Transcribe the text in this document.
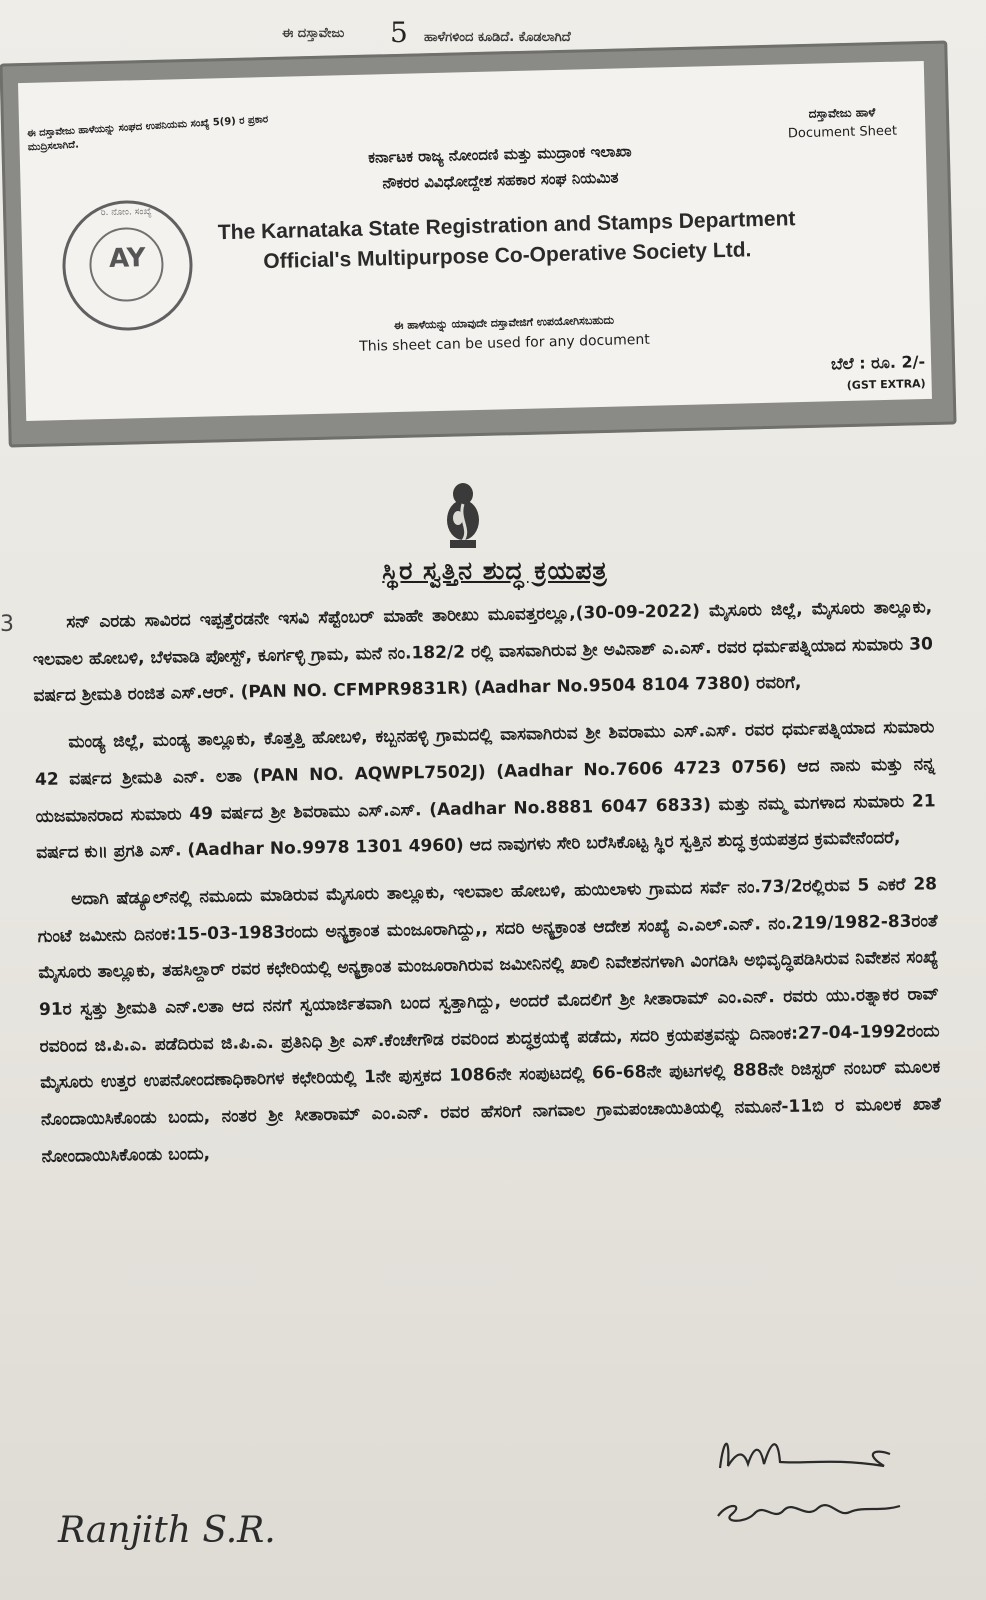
ಈ ದಸ್ತಾವೇಜು 5 ಹಾಳೆಗಳಿಂದ ಕೂಡಿದೆ. ಕೊಡಲಾಗಿದೆ
ಈ ದಸ್ತಾವೇಜು ಹಾಳೆಯನ್ನು ಸಂಘದ ಉಪನಿಯಮ ಸಂಖ್ಯೆ 5(9) ರ ಪ್ರಕಾರ ಮುದ್ರಿಸಲಾಗಿದೆ.
ದಸ್ತಾವೇಜು ಹಾಳೆ
Document Sheet
ಕರ್ನಾಟಕ ರಾಜ್ಯ ನೋಂದಣಿ ಮತ್ತು ಮುದ್ರಾಂಕ ಇಲಾಖಾ
ನೌಕರರ ವಿವಿಧೋದ್ದೇಶ ಸಹಕಾರ ಸಂಘ ನಿಯಮಿತ
The Karnataka State Registration and Stamps Department
Official's Multipurpose Co-Operative Society Ltd.
ರಿ. ನೋಂ. ಸಂಖ್ಯೆ
AY
ಈ ಹಾಳೆಯನ್ನು ಯಾವುದೇ ದಸ್ತಾವೇಜಿಗೆ ಉಪಯೋಗಿಸಬಹುದು
This sheet can be used for any document
ಬೆಲೆ : ರೂ. 2/-
(GST EXTRA)
ಸ್ಥಿರ ಸ್ವತ್ತಿನ ಶುದ್ಧ ಕ್ರಯಪತ್ರ
3	ಸನ್ ಎರಡು ಸಾವಿರದ ಇಪ್ಪತ್ತೆರಡನೇ ಇಸವಿ ಸೆಪ್ಟೆಂಬರ್ ಮಾಹೇ ತಾರೀಖು ಮೂವತ್ತರಲ್ಲೂ,(30-09-2022) ಮೈಸೂರು ಜಿಲ್ಲೆ, ಮೈಸೂರು ತಾಲ್ಲೂಕು, ಇಲವಾಲ ಹೋಬಳಿ, ಬೆಳವಾಡಿ ಪೋಸ್ಟ್, ಕೂರ್ಗಳ್ಳಿ ಗ್ರಾಮ, ಮನೆ ನಂ.182/2 ರಲ್ಲಿ ವಾಸವಾಗಿರುವ ಶ್ರೀ ಅವಿನಾಶ್ ಎ.ಎಸ್. ರವರ ಧರ್ಮಪತ್ನಿಯಾದ ಸುಮಾರು 30 ವರ್ಷದ ಶ್ರೀಮತಿ ರಂಜಿತ ಎಸ್.ಆರ್. (PAN NO. CFMPR9831R) (Aadhar No.9504 8104 7380) ರವರಿಗೆ,

ಮಂಡ್ಯ ಜಿಲ್ಲೆ, ಮಂಡ್ಯ ತಾಲ್ಲೂಕು, ಕೊತ್ತತ್ತಿ ಹೋಬಳಿ, ಕಬ್ಬನಹಳ್ಳಿ ಗ್ರಾಮದಲ್ಲಿ ವಾಸವಾಗಿರುವ ಶ್ರೀ ಶಿವರಾಮು ಎಸ್.ಎಸ್. ರವರ ಧರ್ಮಪತ್ನಿಯಾದ ಸುಮಾರು 42 ವರ್ಷದ ಶ್ರೀಮತಿ ಎನ್. ಲತಾ (PAN NO. AQWPL7502J) (Aadhar No.7606 4723 0756) ಆದ ನಾನು ಮತ್ತು ನನ್ನ ಯಜಮಾನರಾದ ಸುಮಾರು 49 ವರ್ಷದ ಶ್ರೀ ಶಿವರಾಮು ಎಸ್.ಎಸ್. (Aadhar No.8881 6047 6833) ಮತ್ತು ನಮ್ಮ ಮಗಳಾದ ಸುಮಾರು 21 ವರ್ಷದ ಕು॥ ಪ್ರಗತಿ ಎಸ್. (Aadhar No.9978 1301 4960) ಆದ ನಾವುಗಳು ಸೇರಿ ಬರೆಸಿಕೊಟ್ಟ ಸ್ಥಿರ ಸ್ವತ್ತಿನ ಶುದ್ಧ ಕ್ರಯಪತ್ರದ ಕ್ರಮವೇನೆಂದರೆ,

ಅದಾಗಿ ಷೆಡ್ಯೂಲ್‌ನಲ್ಲಿ ನಮೂದು ಮಾಡಿರುವ ಮೈಸೂರು ತಾಲ್ಲೂಕು, ಇಲವಾಲ ಹೋಬಳಿ, ಹುಯಿಲಾಳು ಗ್ರಾಮದ ಸರ್ವೆ ನಂ.73/2ರಲ್ಲಿರುವ 5 ಎಕರೆ 28 ಗುಂಟೆ ಜಮೀನು ದಿನಂಕ:15-03-1983ರಂದು ಅನ್ಯಕ್ರಾಂತ ಮಂಜೂರಾಗಿದ್ದು,, ಸದರಿ ಅನ್ಯಕ್ರಾಂತ ಆದೇಶ ಸಂಖ್ಯೆ ಎ.ಎಲ್.ಎನ್. ನಂ.219/1982-83ರಂತೆ ಮೈಸೂರು ತಾಲ್ಲೂಕು, ತಹಸಿಲ್ದಾರ್ ರವರ ಕಛೇರಿಯಲ್ಲಿ ಅನ್ಯಕ್ರಾಂತ ಮಂಜೂರಾಗಿರುವ ಜಮೀನಿನಲ್ಲಿ ಖಾಲಿ ನಿವೇಶನಗಳಾಗಿ ವಿಂಗಡಿಸಿ ಅಭಿವೃದ್ಧಿಪಡಿಸಿರುವ ನಿವೇಶನ ಸಂಖ್ಯೆ 91ರ ಸ್ವತ್ತು ಶ್ರೀಮತಿ ಎನ್.ಲತಾ ಆದ ನನಗೆ ಸ್ವಯಾರ್ಜಿತವಾಗಿ ಬಂದ ಸ್ವತ್ತಾಗಿದ್ದು, ಅಂದರೆ ಮೊದಲಿಗೆ ಶ್ರೀ ಸೀತಾರಾಮ್ ಎಂ.ಎನ್. ರವರು ಯು.ರತ್ನಾಕರ ರಾವ್ ರವರಿಂದ ಜಿ.ಪಿ.ಎ. ಪಡೆದಿರುವ ಜಿ.ಪಿ.ಎ. ಪ್ರತಿನಿಧಿ ಶ್ರೀ ಎಸ್.ಕೆಂಚೇಗೌಡ ರವರಿಂದ ಶುದ್ಧಕ್ರಯಕ್ಕೆ ಪಡೆದು, ಸದರಿ ಕ್ರಯಪತ್ರವನ್ನು ದಿನಾಂಕ:27-04-1992ರಂದು ಮೈಸೂರು ಉತ್ತರ ಉಪನೋಂದಣಾಧಿಕಾರಿಗಳ ಕಛೇರಿಯಲ್ಲಿ 1ನೇ ಪುಸ್ತಕದ 1086ನೇ ಸಂಪುಟದಲ್ಲಿ 66-68ನೇ ಪುಟಗಳಲ್ಲಿ 888ನೇ ರಿಜಿಸ್ಟರ್ ನಂಬರ್ ಮೂಲಕ ನೊಂದಾಯಿಸಿಕೊಂಡು ಬಂದು, ನಂತರ ಶ್ರೀ ಸೀತಾರಾಮ್ ಎಂ.ಎನ್. ರವರ ಹೆಸರಿಗೆ ನಾಗವಾಲ ಗ್ರಾಮಪಂಚಾಯಿತಿಯಲ್ಲಿ ನಮೂನೆ-11ಬಿ ರ ಮೂಲಕ ಖಾತೆ ನೋಂದಾಯಿಸಿಕೊಂಡು ಬಂದು,

Ranjith S.R.
